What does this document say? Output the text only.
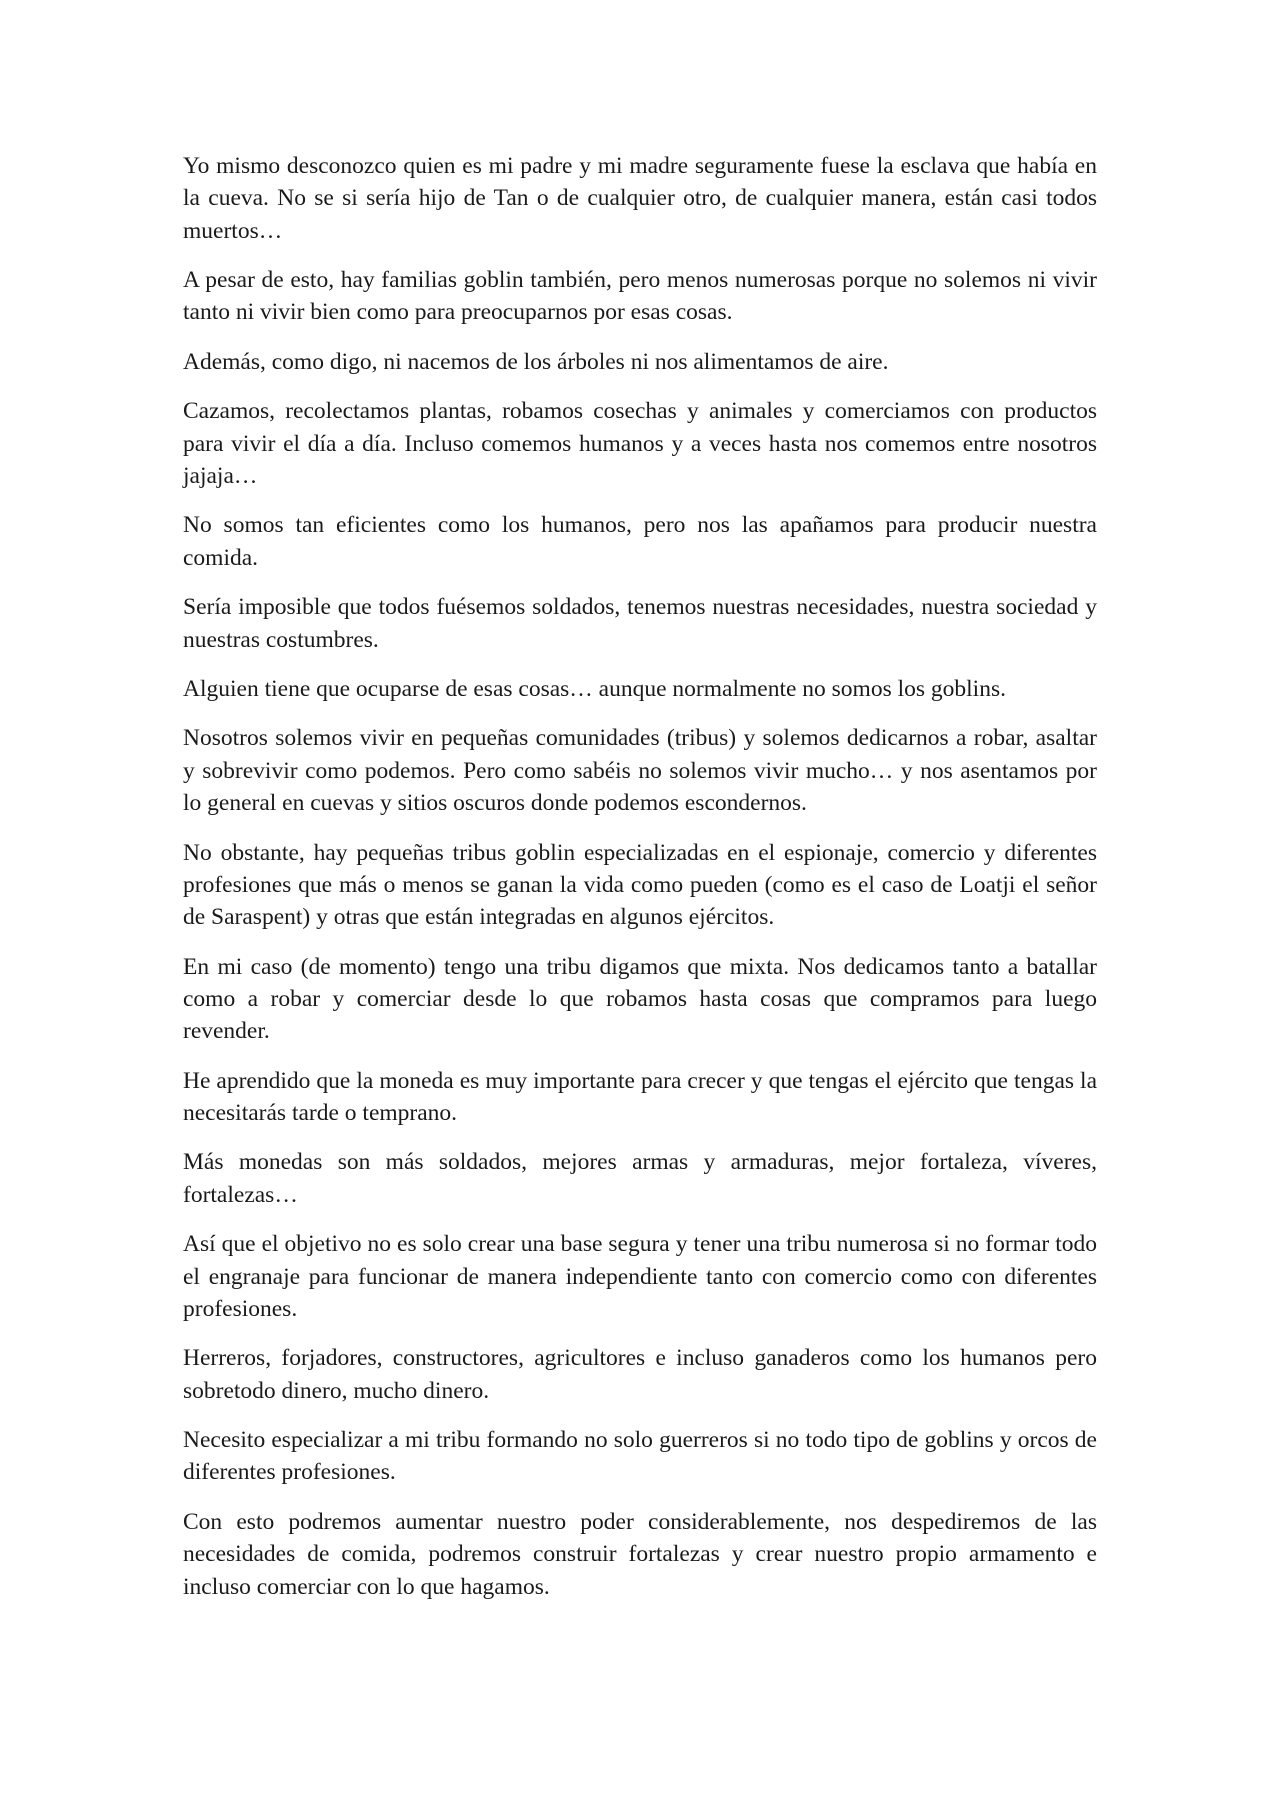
Yo mismo desconozco quien es mi padre y mi madre seguramente fuese la esclava que había en la cueva. No se si sería hijo de Tan o de cualquier otro, de cualquier manera, están casi todos muertos…

A pesar de esto, hay familias goblin también, pero menos numerosas porque no solemos ni vivir tanto ni vivir bien como para preocuparnos por esas cosas.

Además, como digo, ni nacemos de los árboles ni nos alimentamos de aire.

Cazamos, recolectamos plantas, robamos cosechas y animales y comerciamos con productos para vivir el día a día. Incluso comemos humanos y a veces hasta nos comemos entre nosotros jajaja…

No somos tan eficientes como los humanos, pero nos las apañamos para producir nuestra comida.

Sería imposible que todos fuésemos soldados, tenemos nuestras necesidades, nuestra sociedad y nuestras costumbres.

Alguien tiene que ocuparse de esas cosas… aunque normalmente no somos los goblins.

Nosotros solemos vivir en pequeñas comunidades (tribus) y solemos dedicarnos a robar, asaltar y sobrevivir como podemos. Pero como sabéis no solemos vivir mucho… y nos asentamos por lo general en cuevas y sitios oscuros donde podemos escondernos.

No obstante, hay pequeñas tribus goblin especializadas en el espionaje, comercio y diferentes profesiones que más o menos se ganan la vida como pueden (como es el caso de Loatji el señor de Saraspent) y otras que están integradas en algunos ejércitos.

En mi caso (de momento) tengo una tribu digamos que mixta. Nos dedicamos tanto a batallar como a robar y comerciar desde lo que robamos hasta cosas que compramos para luego revender.

He aprendido que la moneda es muy importante para crecer y que tengas el ejército que tengas la necesitarás tarde o temprano.

Más monedas son más soldados, mejores armas y armaduras, mejor fortaleza, víveres, fortalezas…

Así que el objetivo no es solo crear una base segura y tener una tribu numerosa si no formar todo el engranaje para funcionar de manera independiente tanto con comercio como con diferentes profesiones.

Herreros, forjadores, constructores, agricultores e incluso ganaderos como los humanos pero sobretodo dinero, mucho dinero.

Necesito especializar a mi tribu formando no solo guerreros si no todo tipo de goblins y orcos de diferentes profesiones.

Con esto podremos aumentar nuestro poder considerablemente, nos despediremos de las necesidades de comida, podremos construir fortalezas y crear nuestro propio armamento e incluso comerciar con lo que hagamos.
